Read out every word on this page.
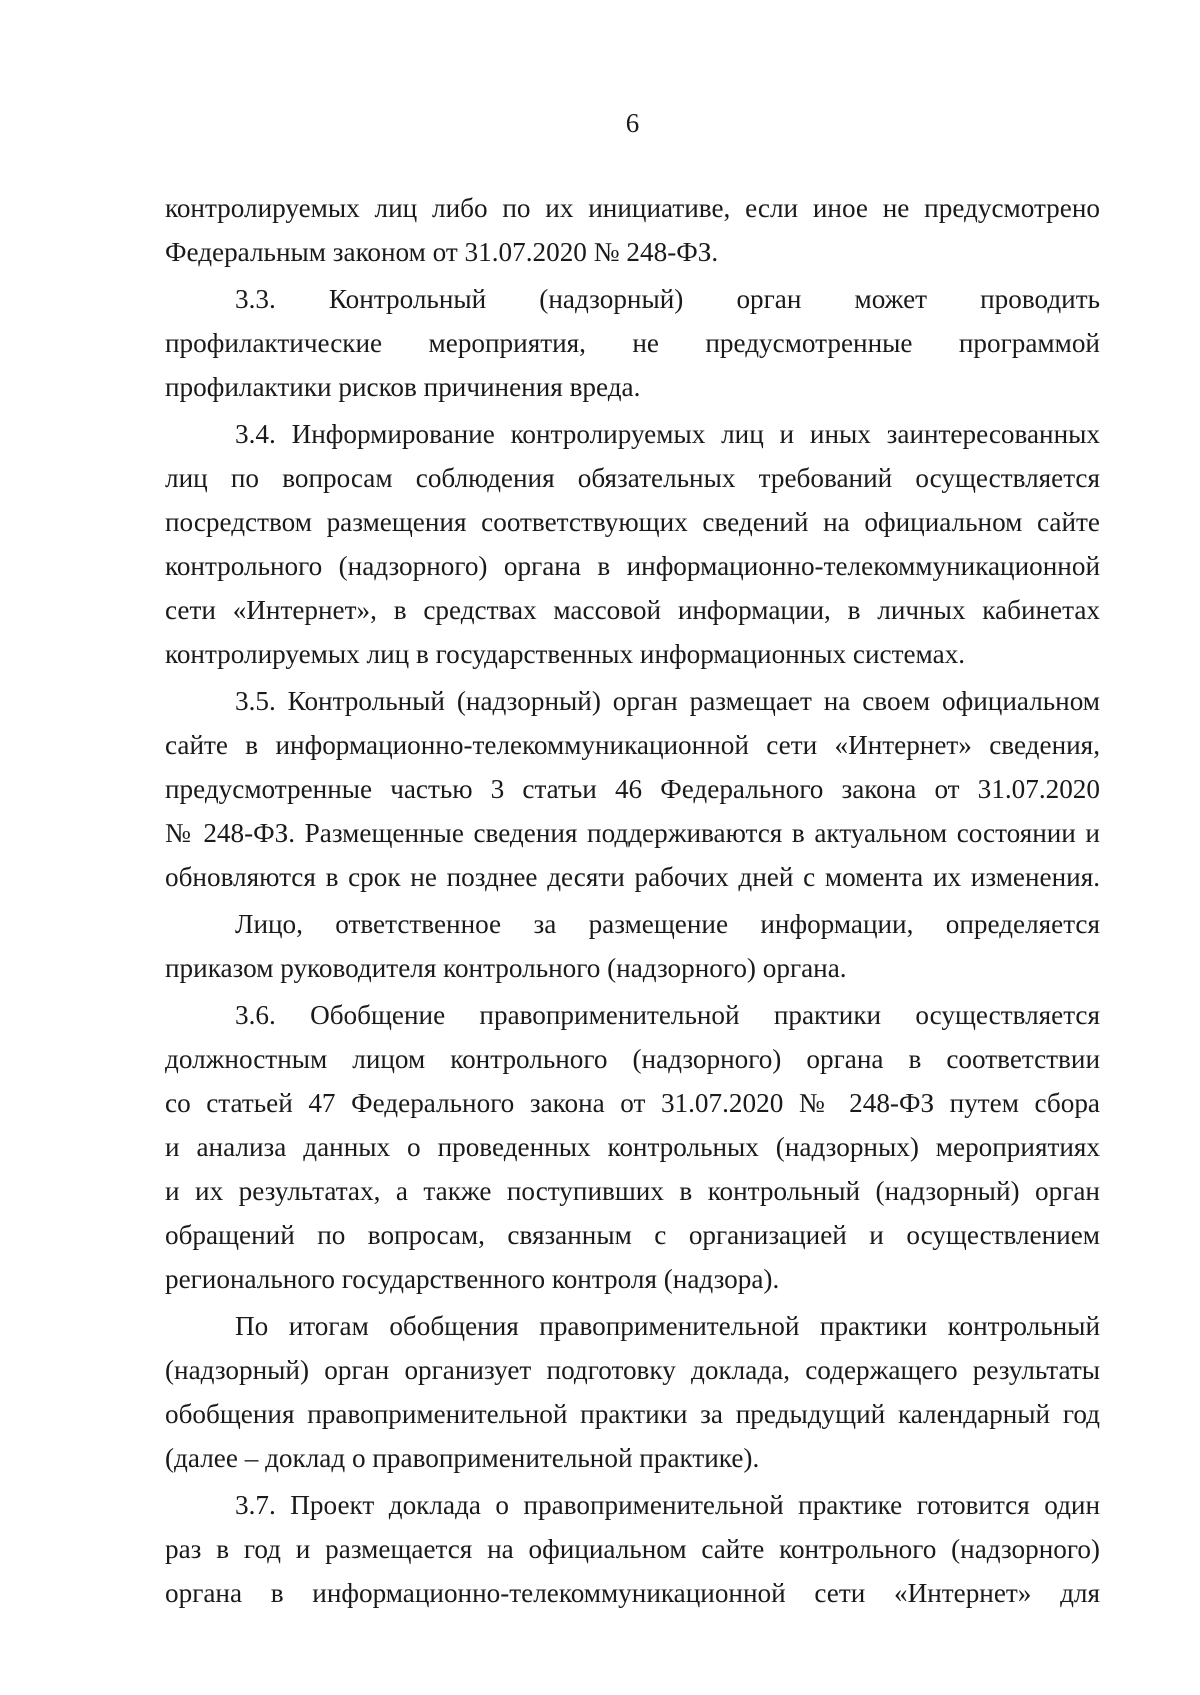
6
контролируемых лиц либо по их инициативе, если иное не предусмотрено
Федеральным законом от 31.07.2020 № 248-ФЗ.
3.3. Контрольный (надзорный) орган может проводить
профилактические мероприятия, не предусмотренные программой
профилактики рисков причинения вреда.
3.4. Информирование контролируемых лиц и иных заинтересованных
лиц по вопросам соблюдения обязательных требований осуществляется
посредством размещения соответствующих сведений на официальном сайте
контрольного (надзорного) органа в информационно-телекоммуникационной
сети «Интернет», в средствах массовой информации, в личных кабинетах
контролируемых лиц в государственных информационных системах.
3.5. Контрольный (надзорный) орган размещает на своем официальном
сайте в информационно-телекоммуникационной сети «Интернет» сведения,
предусмотренные частью 3 статьи 46 Федерального закона от 31.07.2020
№ 248-ФЗ. Размещенные сведения поддерживаются в актуальном состоянии и
обновляются в срок не позднее десяти рабочих дней с момента их изменения.
Лицо, ответственное за размещение информации, определяется
приказом руководителя контрольного (надзорного) органа.
3.6. Обобщение правоприменительной практики осуществляется
должностным лицом контрольного (надзорного) органа в соответствии
со статьей 47 Федерального закона от 31.07.2020 № 248-ФЗ путем сбора
и анализа данных о проведенных контрольных (надзорных) мероприятиях
и их результатах, а также поступивших в контрольный (надзорный) орган
обращений по вопросам, связанным с организацией и осуществлением
регионального государственного контроля (надзора).
По итогам обобщения правоприменительной практики контрольный
(надзорный) орган организует подготовку доклада, содержащего результаты
обобщения правоприменительной практики за предыдущий календарный год
(далее – доклад о правоприменительной практике).
3.7. Проект доклада о правоприменительной практике готовится один
раз в год и размещается на официальном сайте контрольного (надзорного)
органа в информационно-телекоммуникационной сети «Интернет» для
